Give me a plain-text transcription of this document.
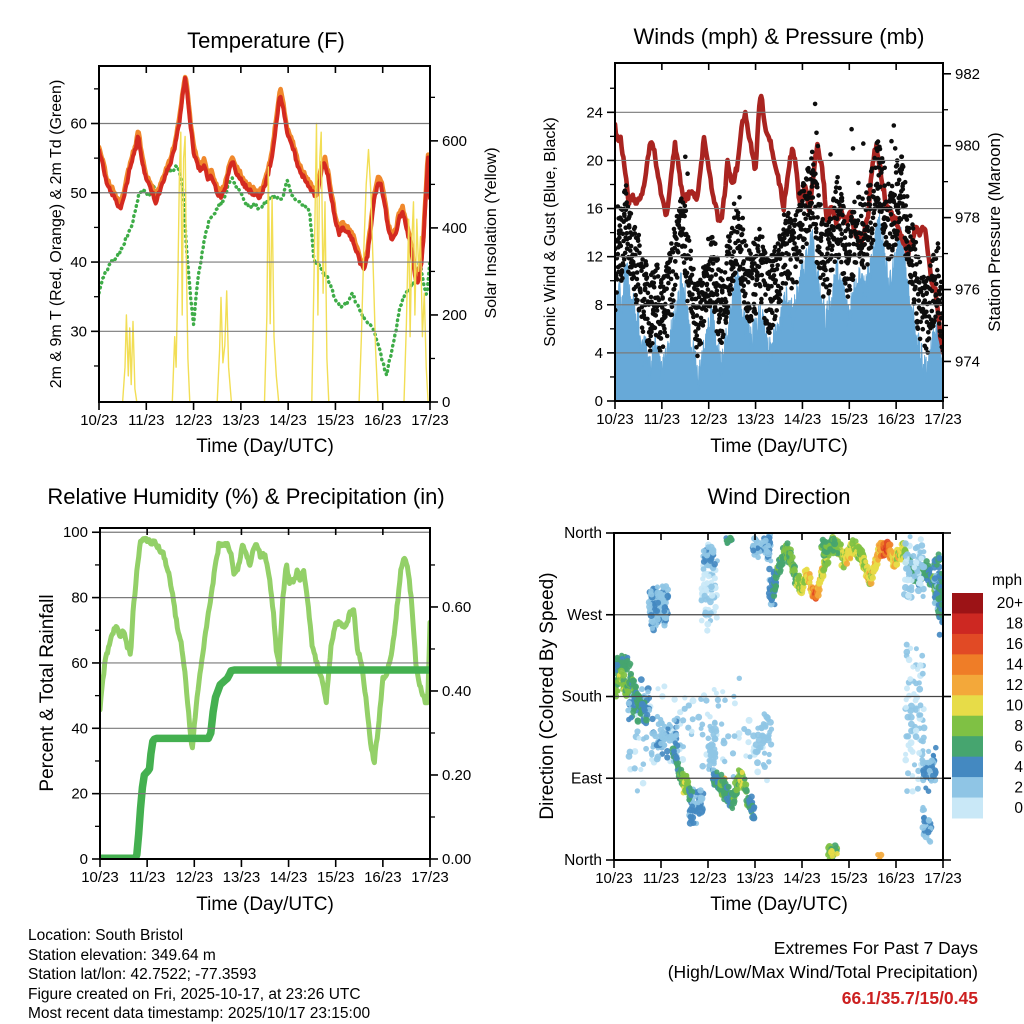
10/23 11/23 12/23 13/23 14/23 15/23 16/23 17/23
30
40
50
60
0
200
400
600
10/23 11/23 12/23 13/23 14/23 15/23 16/23 17/23
0
4
8
12
16
20
24
974
976
978
980
982
10/23 11/23 12/23 13/23 14/23 15/23 16/23 17/23
0
20
40
60
80
100
0.00
0.20
0.40
0.60
10/23 11/23 12/23 13/23 14/23 15/23 16/23 17/23
North
West
South
East
North
20+
18
16
14
12
10
8
6
4
2
0
Temperature (F)	Winds (mph) & Pressure (mb)
Relative Humidity (%) & Precipitation (in)	Wind Direction
2m & 9m T (Red, Orange) & 2m Td (Green)	Solar Insolation (Yellow)	Sonic Wind & Gust (Blue, Black)	Station Pressure (Maroon)
Percent & Total Rainfall	Direction (Colored By Speed)
Time (Day/UTC)	Time (Day/UTC)
Time (Day/UTC)	Time (Day/UTC)
mph
Location: South Bristol
Station elevation: 349.64 m
Station lat/lon: 42.7522; -77.3593
Figure created on Fri, 2025-10-17, at 23:26 UTC
Most recent data timestamp: 2025/10/17 23:15:00
Extremes For Past 7 Days
(High/Low/Max Wind/Total Precipitation)
66.1/35.7/15/0.45
